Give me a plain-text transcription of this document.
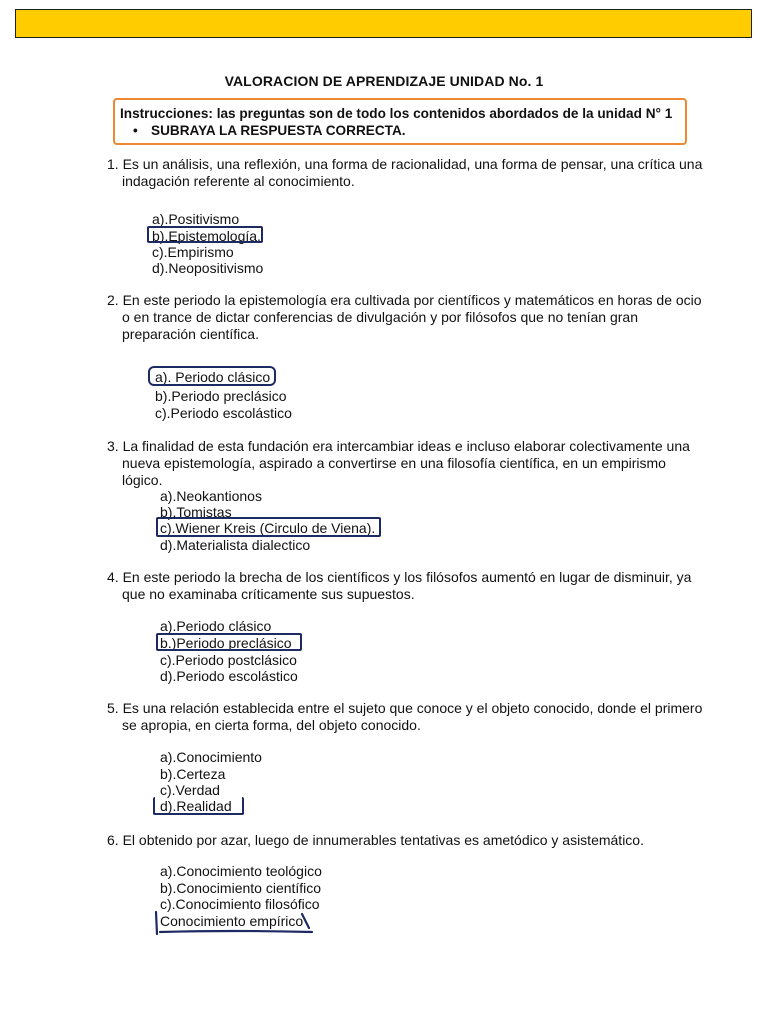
VALORACION DE APRENDIZAJE UNIDAD No. 1
Instrucciones: las preguntas son de todo los contenidos abordados de la unidad N° 1
• SUBRAYA LA RESPUESTA CORRECTA.
1. Es un análisis, una reflexión, una forma de racionalidad, una forma de pensar, una crítica una indagación referente al conocimiento.
a).Positivismo
b).Epistemología.
c).Empirismo
d).Neopositivismo
2. En este periodo la epistemología era cultivada por científicos y matemáticos en horas de ocio o en trance de dictar conferencias de divulgación y por filósofos que no tenían gran preparación científica.
a). Periodo clásico
b).Periodo preclásico
c).Periodo escolástico
3. La finalidad de esta fundación era intercambiar ideas e incluso elaborar colectivamente una nueva epistemología, aspirado a convertirse en una filosofía científica, en un empirismo lógico.
a).Neokantionos
b).Tomistas
c).Wiener Kreis (Circulo de Viena).
d).Materialista dialectico
4. En este periodo la brecha de los científicos y los filósofos aumentó en lugar de disminuir, ya que no examinaba críticamente sus supuestos.
a).Periodo clásico
b.)Periodo preclásico
c).Periodo postclásico
d).Periodo escolástico
5. Es una relación establecida entre el sujeto que conoce y el objeto conocido, donde el primero se apropia, en cierta forma, del objeto conocido.
a).Conocimiento
b).Certeza
c).Verdad
d).Realidad
6. El obtenido por azar, luego de innumerables tentativas es ametódico y asistemático.
a).Conocimiento teológico
b).Conocimiento científico
c).Conocimiento filosófico
Conocimiento empírico
